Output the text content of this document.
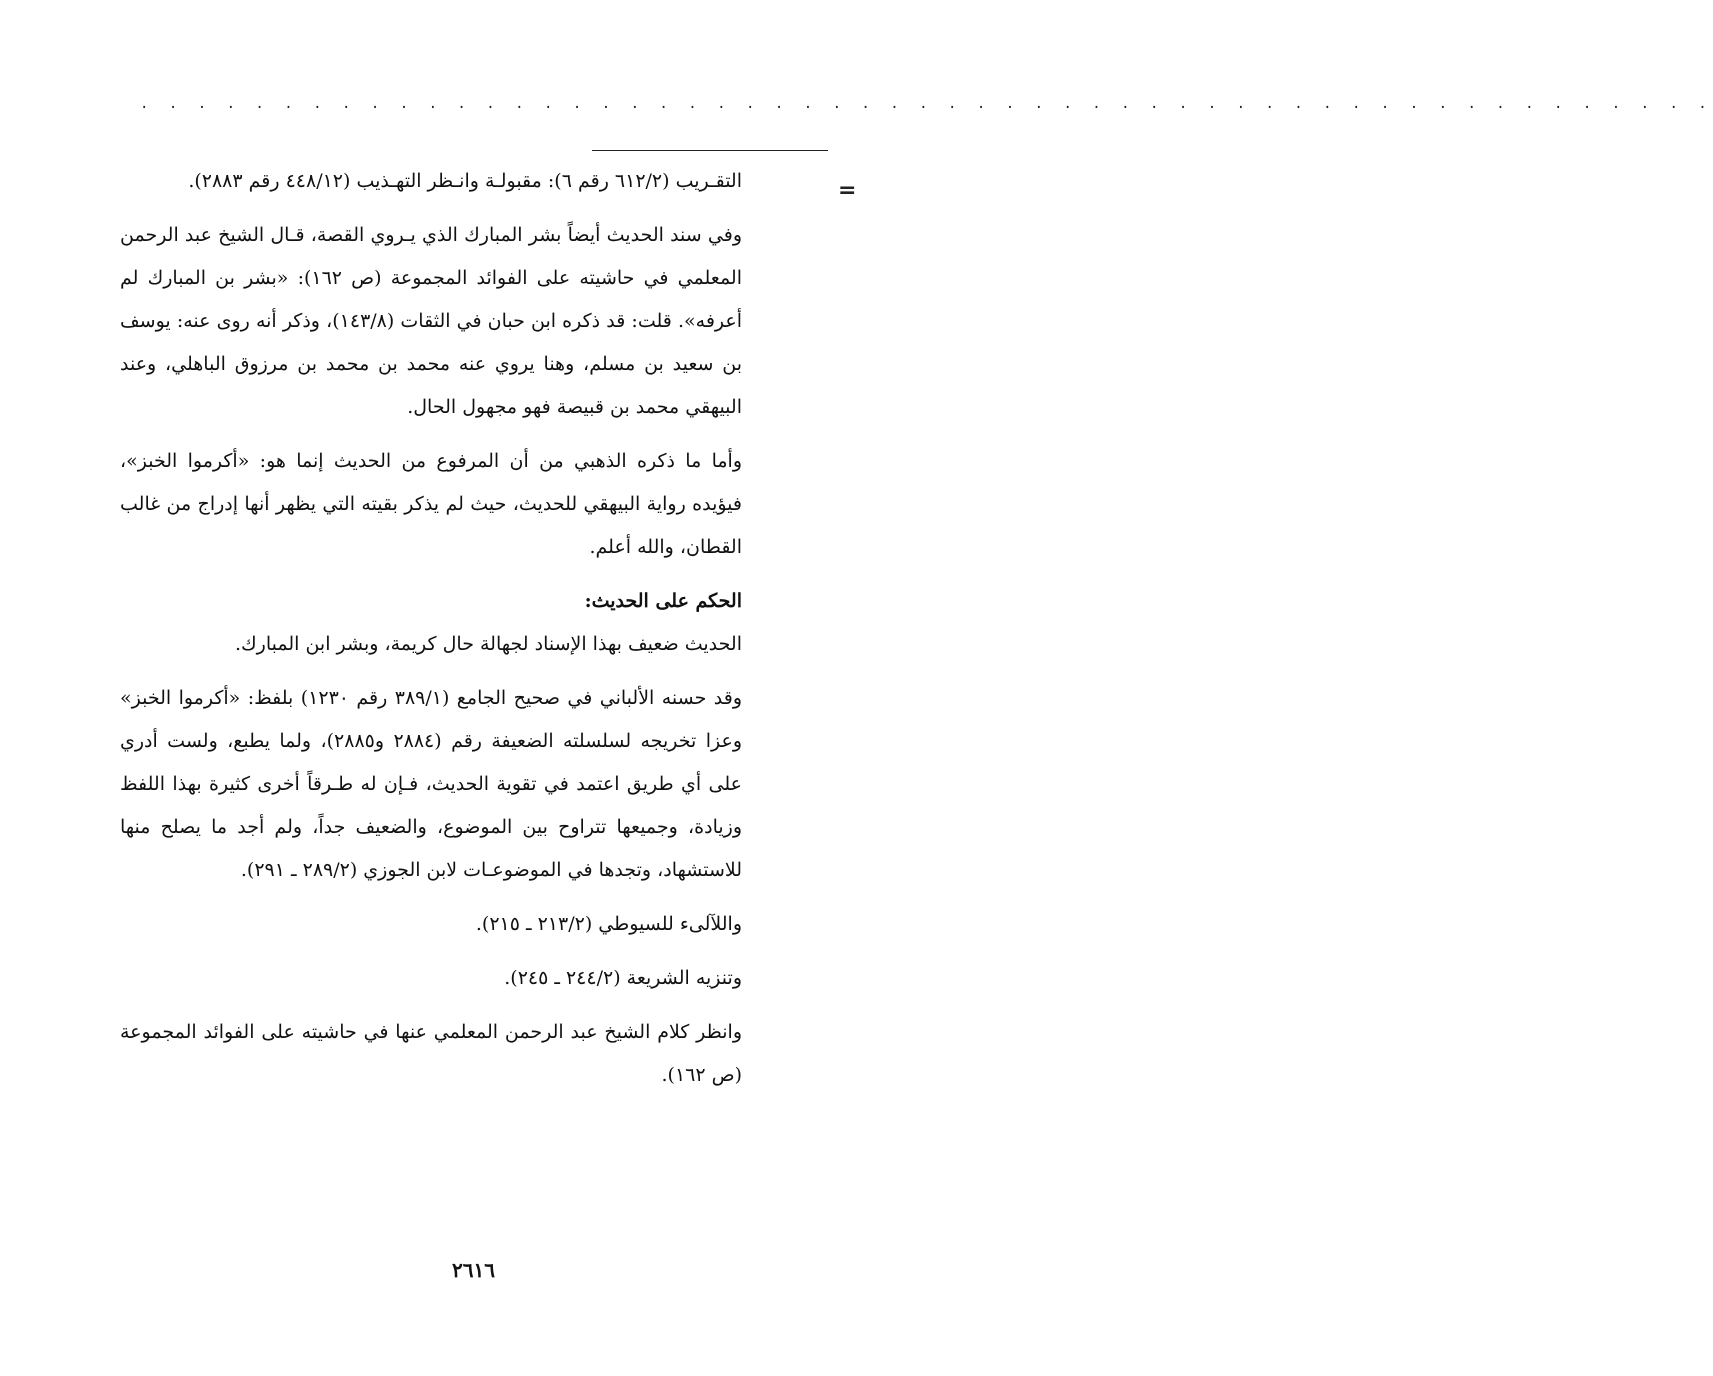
. . . . . . . . . . . . . . . . . . . . . . . . . . . . . . . . . . . . . . . . . . . . . . . . . . . . . . .
=

التقـريب (٦١٢/٢ رقم ٦): مقبولـة وانـظر التهـذيب (٤٤٨/١٢ رقم ٢٨٨٣).

وفي سند الحديث أيضاً بشر المبارك الذي يـروي القصة، قـال الشيخ عبد الرحمن المعلمي في حاشيته على الفوائد المجموعة (ص ١٦٢): «بشر بن المبارك لم أعرفه». قلت: قد ذكره ابن حبان في الثقات (١٤٣/٨)، وذكر أنه روى عنه: يوسف بن سعيد بن مسلم، وهنا يروي عنه محمد بن محمد بن مرزوق الباهلي، وعند البيهقي محمد بن قبيصة فهو مجهول الحال.

وأما ما ذكره الذهبي من أن المرفوع من الحديث إنما هو: «أكرموا الخبز»، فيؤيده رواية البيهقي للحديث، حيث لم يذكر بقيته التي يظهر أنها إدراج من غالب القطان، والله أعلم.

الحكم على الحديث:

الحديث ضعيف بهذا الإسناد لجهالة حال كريمة، وبشر ابن المبارك.

وقد حسنه الألباني في صحيح الجامع (٣٨٩/١ رقم ١٢٣٠) بلفظ: «أكرموا الخبز» وعزا تخريجه لسلسلته الضعيفة رقم (٢٨٨٤ و٢٨٨٥)، ولما يطبع، ولست أدري على أي طريق اعتمد في تقوية الحديث، فـإن له طـرقاً أخرى كثيرة بهذا اللفظ وزيادة، وجميعها تتراوح بين الموضوع، والضعيف جداً، ولم أجد ما يصلح منها للاستشهاد، وتجدها في الموضوعـات لابن الجوزي (٢٨٩/٢ ـ ٢٩١).

واللآلىء للسيوطي (٢١٣/٢ ـ ٢١٥).

وتنزيه الشريعة (٢٤٤/٢ ـ ٢٤٥).

وانظر كلام الشيخ عبد الرحمن المعلمي عنها في حاشيته على الفوائد المجموعة (ص ١٦٢).

٢٦١٦
